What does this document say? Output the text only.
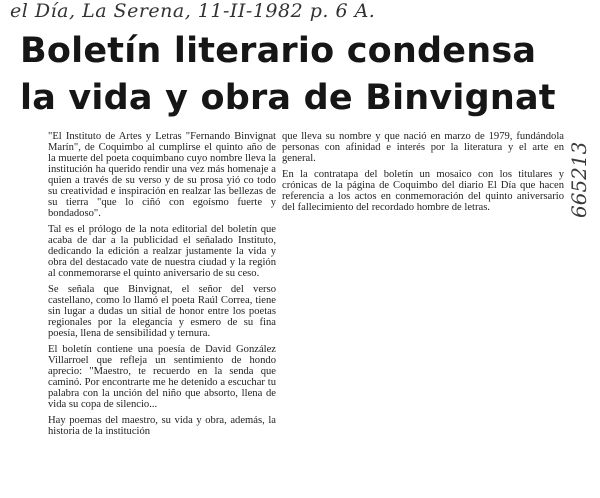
el Día, La Serena, 11-II-1982 p. 6 A.
665213
Boletín literario condensa
la vida y obra de Binvignat

"El Instituto de Artes y Letras "Fernando Binvignat Marín", de Coquimbo al cumplirse el quinto año de la muerte del poeta coquimbano cuyo nombre lleva la institución ha querido rendir una vez más homenaje a quien a través de su verso y de su prosa yió co todo su creatividad e inspiración en realzar las bellezas de su tierra "que lo ciñó con egoísmo fuerte y bondadoso".

Tal es el prólogo de la nota editorial del boletín que acaba de dar a la publicidad el señalado Instituto, dedicando la edición a realzar justamente la vida y obra del destacado vate de nuestra ciudad y la región al conmemorarse el quinto aniversario de su ceso.

Se señala que Binvignat, el señor del verso castellano, como lo llamó el poeta Raúl Correa, tiene sin lugar a dudas un sitial de honor entre los poetas regionales por la elegancia y esmero de su fina poesía, llena de sensibilidad y ternura.

El boletín contiene una poesía de David González Villarroel que refleja un sentimiento de hondo aprecio: "Maestro, te recuerdo en la senda que caminó. Por encontrarte me he detenido a escuchar tu palabra con la unción del niño que absorto, llena de vida su copa de silencio...

Hay poemas del maestro, su vida y obra, además, la historia de la institución

que lleva su nombre y que nació en marzo de 1979, fundándola personas con afinidad e interés por la literatura y el arte en general.

En la contratapa del boletín un mosaico con los titulares y crónicas de la página de Coquimbo del diario El Día que hacen referencia a los actos en conmemoración del quinto aniversario del fallecimiento del recordado hombre de letras.
